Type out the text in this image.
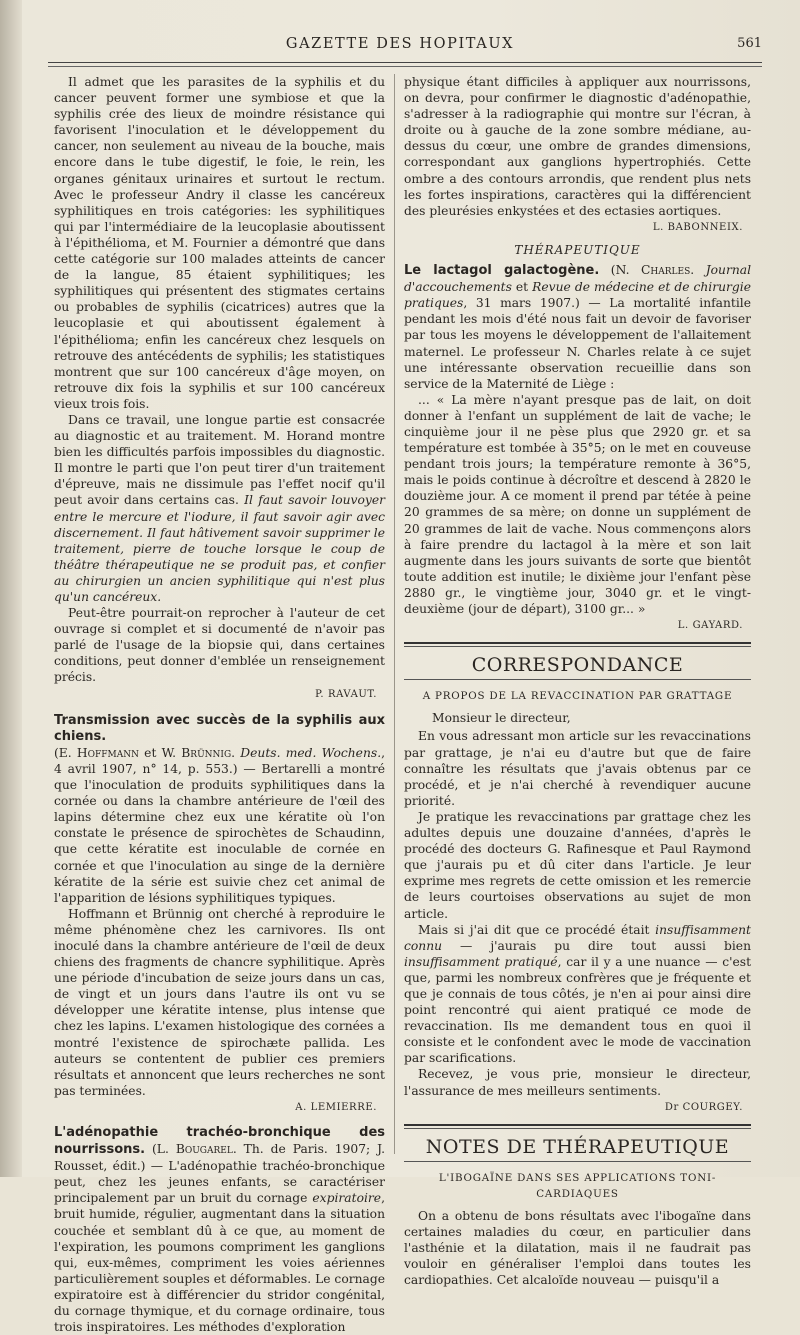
GAZETTE DES HOPITAUX	561

Il admet que les parasites de la syphilis et du cancer peuvent former une symbiose et que la syphilis crée des lieux de moindre résistance qui favorisent l'inoculation et le développement du cancer, non seulement au niveau de la bouche, mais encore dans le tube digestif, le foie, le rein, les organes génitaux urinaires et surtout le rectum. Avec le professeur Andry il classe les cancéreux syphilitiques en trois catégories: les syphilitiques qui par l'intermédiaire de la leucoplasie aboutissent à l'épithélioma, et M. Fournier a démontré que dans cette catégorie sur 100 malades atteints de cancer de la langue, 85 étaient syphilitiques; les syphilitiques qui présentent des stigmates certains ou probables de syphilis (cicatrices) autres que la leucoplasie et qui aboutissent également à l'épithélioma; enfin les cancéreux chez lesquels on retrouve des antécédents de syphilis; les statistiques montrent que sur 100 cancéreux d'âge moyen, on retrouve dix fois la syphilis et sur 100 cancéreux vieux trois fois.

Dans ce travail, une longue partie est consacrée au diagnostic et au traitement. M. Horand montre bien les difficultés parfois impossibles du diagnostic. Il montre le parti que l'on peut tirer d'un traitement d'épreuve, mais ne dissimule pas l'effet nocif qu'il peut avoir dans certains cas. Il faut savoir louvoyer entre le mercure et l'iodure, il faut savoir agir avec discernement. Il faut hâtivement savoir supprimer le traitement, pierre de touche lorsque le coup de théâtre thérapeutique ne se produit pas, et confier au chirurgien un ancien syphilitique qui n'est plus qu'un cancéreux.

Peut-être pourrait-on reprocher à l'auteur de cet ouvrage si complet et si documenté de n'avoir pas parlé de l'usage de la biopsie qui, dans certaines conditions, peut donner d'emblée un renseignement précis.

P. RAVAUT.

Transmission avec succès de la syphilis aux chiens.

(E. Hoffmann et W. Brünnig. Deuts. med. Wochens., 4 avril 1907, n° 14, p. 553.) — Bertarelli a montré que l'inoculation de produits syphilitiques dans la cornée ou dans la chambre antérieure de l'œil des lapins détermine chez eux une kératite où l'on constate le présence de spirochètes de Schaudinn, que cette kératite est inoculable de cornée en cornée et que l'inoculation au singe de la dernière kératite de la série est suivie chez cet animal de l'apparition de lésions syphilitiques typiques.

Hoffmann et Brünnig ont cherché à reproduire le même phénomène chez les carnivores. Ils ont inoculé dans la chambre antérieure de l'œil de deux chiens des fragments de chancre syphilitique. Après une période d'incubation de seize jours dans un cas, de vingt et un jours dans l'autre ils ont vu se développer une kératite intense, plus intense que chez les lapins. L'examen histologique des cornées a montré l'existence de spirochæte pallida. Les auteurs se contentent de publier ces premiers résultats et annoncent que leurs recherches ne sont pas terminées.

A. LEMIERRE.

L'adénopathie trachéo-bronchique des nourrissons. (L. Bougarel. Th. de Paris. 1907; J. Rousset, édit.) — L'adénopathie trachéo-bronchique peut, chez les jeunes enfants, se caractériser principalement par un bruit du cornage expiratoire, bruit humide, régulier, augmentant dans la situation couchée et semblant dû à ce que, au moment de l'expiration, les poumons compriment les ganglions qui, eux-mêmes, compriment les voies aériennes particulièrement souples et déformables. Le cornage expiratoire est à différencier du stridor congénital, du cornage thymique, et du cornage ordinaire, tous trois inspiratoires. Les méthodes d'exploration

physique étant difficiles à appliquer aux nourrissons, on devra, pour confirmer le diagnostic d'adénopathie, s'adresser à la radiographie qui montre sur l'écran, à droite ou à gauche de la zone sombre médiane, au-dessus du cœur, une ombre de grandes dimensions, correspondant aux ganglions hypertrophiés. Cette ombre a des contours arrondis, que rendent plus nets les fortes inspirations, caractères qui la différencient des pleurésies enkystées et des ectasies aortiques.

L. BABONNEIX.
THÉRAPEUTIQUE

Le lactagol galactogène. (N. Charles. Journal d'accouchements et Revue de médecine et de chirurgie pratiques, 31 mars 1907.) — La mortalité infantile pendant les mois d'été nous fait un devoir de favoriser par tous les moyens le développement de l'allaitement maternel. Le professeur N. Charles relate à ce sujet une intéressante observation recueillie dans son service de la Maternité de Liège :

... « La mère n'ayant presque pas de lait, on doit donner à l'enfant un supplément de lait de vache; le cinquième jour il ne pèse plus que 2920 gr. et sa température est tombée à 35°5; on le met en couveuse pendant trois jours; la température remonte à 36°5, mais le poids continue à décroître et descend à 2820 le douzième jour. A ce moment il prend par tétée à peine 20 grammes de sa mère; on donne un supplément de 20 grammes de lait de vache. Nous commençons alors à faire prendre du lactagol à la mère et son lait augmente dans les jours suivants de sorte que bientôt toute addition est inutile; le dixième jour l'enfant pèse 2880 gr., le vingtième jour, 3040 gr. et le vingt-deuxième (jour de départ), 3100 gr... »

L. GAYARD.
CORRESPONDANCE
A PROPOS DE LA REVACCINATION PAR GRATTAGE

Monsieur le directeur,

En vous adressant mon article sur les revaccinations par grattage, je n'ai eu d'autre but que de faire connaître les résultats que j'avais obtenus par ce procédé, et je n'ai cherché à revendiquer aucune priorité.

Je pratique les revaccinations par grattage chez les adultes depuis une douzaine d'années, d'après le procédé des docteurs G. Rafinesque et Paul Raymond que j'aurais pu et dû citer dans l'article. Je leur exprime mes regrets de cette omission et les remercie de leurs courtoises observations au sujet de mon article.

Mais si j'ai dit que ce procédé était insuffisamment connu — j'aurais pu dire tout aussi bien insuffisamment pratiqué, car il y a une nuance — c'est que, parmi les nombreux confrères que je fréquente et que je connais de tous côtés, je n'en ai pour ainsi dire point rencontré qui aient pratiqué ce mode de revaccination. Ils me demandent tous en quoi il consiste et le confondent avec le mode de vaccination par scarifications.

Recevez, je vous prie, monsieur le directeur, l'assurance de mes meilleurs sentiments.

Dr COURGEY.
NOTES DE THÉRAPEUTIQUE
L'IBOGAÏNE DANS SES APPLICATIONS TONI-CARDIAQUES

On a obtenu de bons résultats avec l'ibogaïne dans certaines maladies du cœur, en particulier dans l'asthénie et la dilatation, mais il ne faudrait pas vouloir en généraliser l'emploi dans toutes les cardiopathies. Cet alcaloïde nouveau — puisqu'il a
